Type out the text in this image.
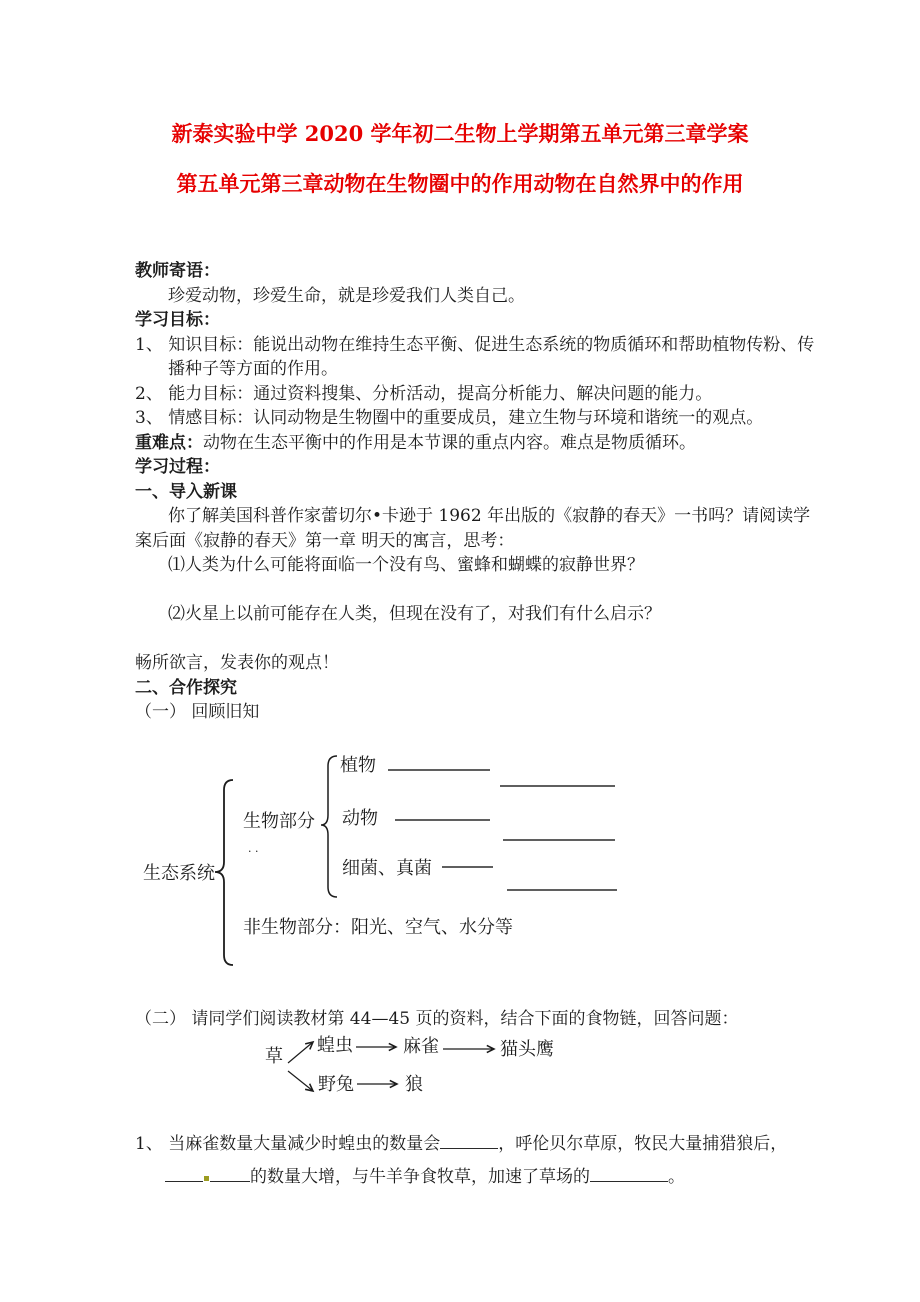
新泰实验中学 2020 学年初二生物上学期第五单元第三章学案
第五单元第三章动物在生物圈中的作用动物在自然界中的作用
教师寄语：
珍爱动物，珍爱生命，就是珍爱我们人类自己。
学习目标：
1、 知识目标：能说出动物在维持生态平衡、促进生态系统的物质循环和帮助植物传粉、传
播种子等方面的作用。
2、 能力目标：通过资料搜集、分析活动，提高分析能力、解决问题的能力。
3、 情感目标：认同动物是生物圈中的重要成员，建立生物与环境和谐统一的观点。
重难点：动物在生态平衡中的作用是本节课的重点内容。难点是物质循环。
学习过程：
一、导入新课
你了解美国科普作家蕾切尔•卡逊于 1962 年出版的《寂静的春天》一书吗？请阅读学
案后面《寂静的春天》第一章 明天的寓言，思考：
⑴人类为什么可能将面临一个没有鸟、蜜蜂和蝴蝶的寂静世界？
⑵火星上以前可能存在人类，但现在没有了，对我们有什么启示？
畅所欲言，发表你的观点！
二、合作探究
（一） 回顾旧知
生态系统
生物部分
· ·
植物
动物
细菌、真菌
非生物部分：阳光、空气、水分等
（二） 请同学们阅读教材第 44—45 页的资料，结合下面的食物链，回答问题：
草
蝗虫	麻雀	猫头鹰
野兔	狼
1、 当麻雀数量大量减少时蝗虫的数量会	，呼伦贝尔草原，牧民大量捕猎狼后，
的数量大增，与牛羊争食牧草，加速了草场的	。
